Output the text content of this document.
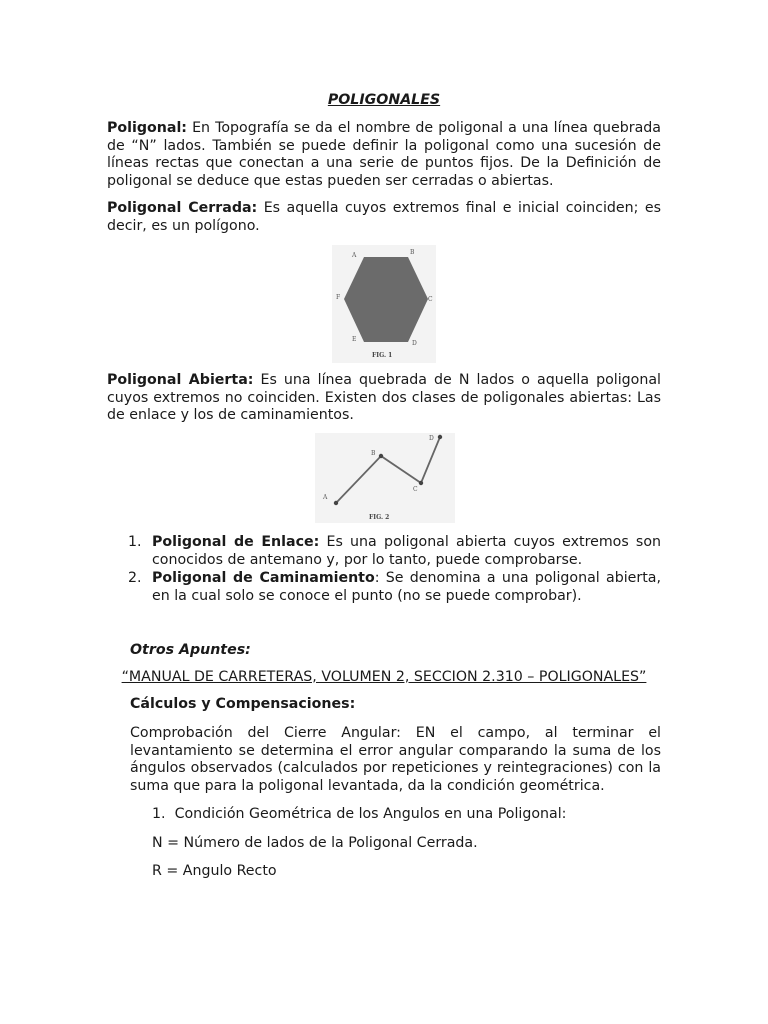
POLIGONALES
Poligonal: En Topografía se da el nombre de poligonal a una línea quebrada de “N” lados. También se puede definir la poligonal como una sucesión de líneas rectas que conectan a una serie de puntos fijos. De la Definición de poligonal se deduce que estas pueden ser cerradas o abiertas.
Poligonal Cerrada: Es aquella cuyos extremos final e inicial coinciden; es decir, es un polígono.
A	B
C
D
E
F
FIG. 1
Poligonal Abierta: Es una línea quebrada de N lados o aquella poligonal cuyos extremos no coinciden. Existen dos clases de poligonales abiertas: Las de enlace y los de caminamientos.
A
B
C
D
FIG. 2
1. Poligonal de Enlace: Es una poligonal abierta cuyos extremos son conocidos de antemano y, por lo tanto, puede comprobarse.
2. Poligonal de Caminamiento: Se denomina a una poligonal abierta, en la cual solo se conoce el punto (no se puede comprobar).
Otros Apuntes:
“MANUAL DE CARRETERAS, VOLUMEN 2, SECCION 2.310 – POLIGONALES”
Cálculos y Compensaciones:
Comprobación del Cierre Angular: EN el campo, al terminar el levantamiento se determina el error angular comparando la suma de los ángulos observados (calculados por repeticiones y reintegraciones) con la suma que para la poligonal levantada, da la condición geométrica.
1. Condición Geométrica de los Angulos en una Poligonal:
N = Número de lados de la Poligonal Cerrada.
R = Angulo Recto
